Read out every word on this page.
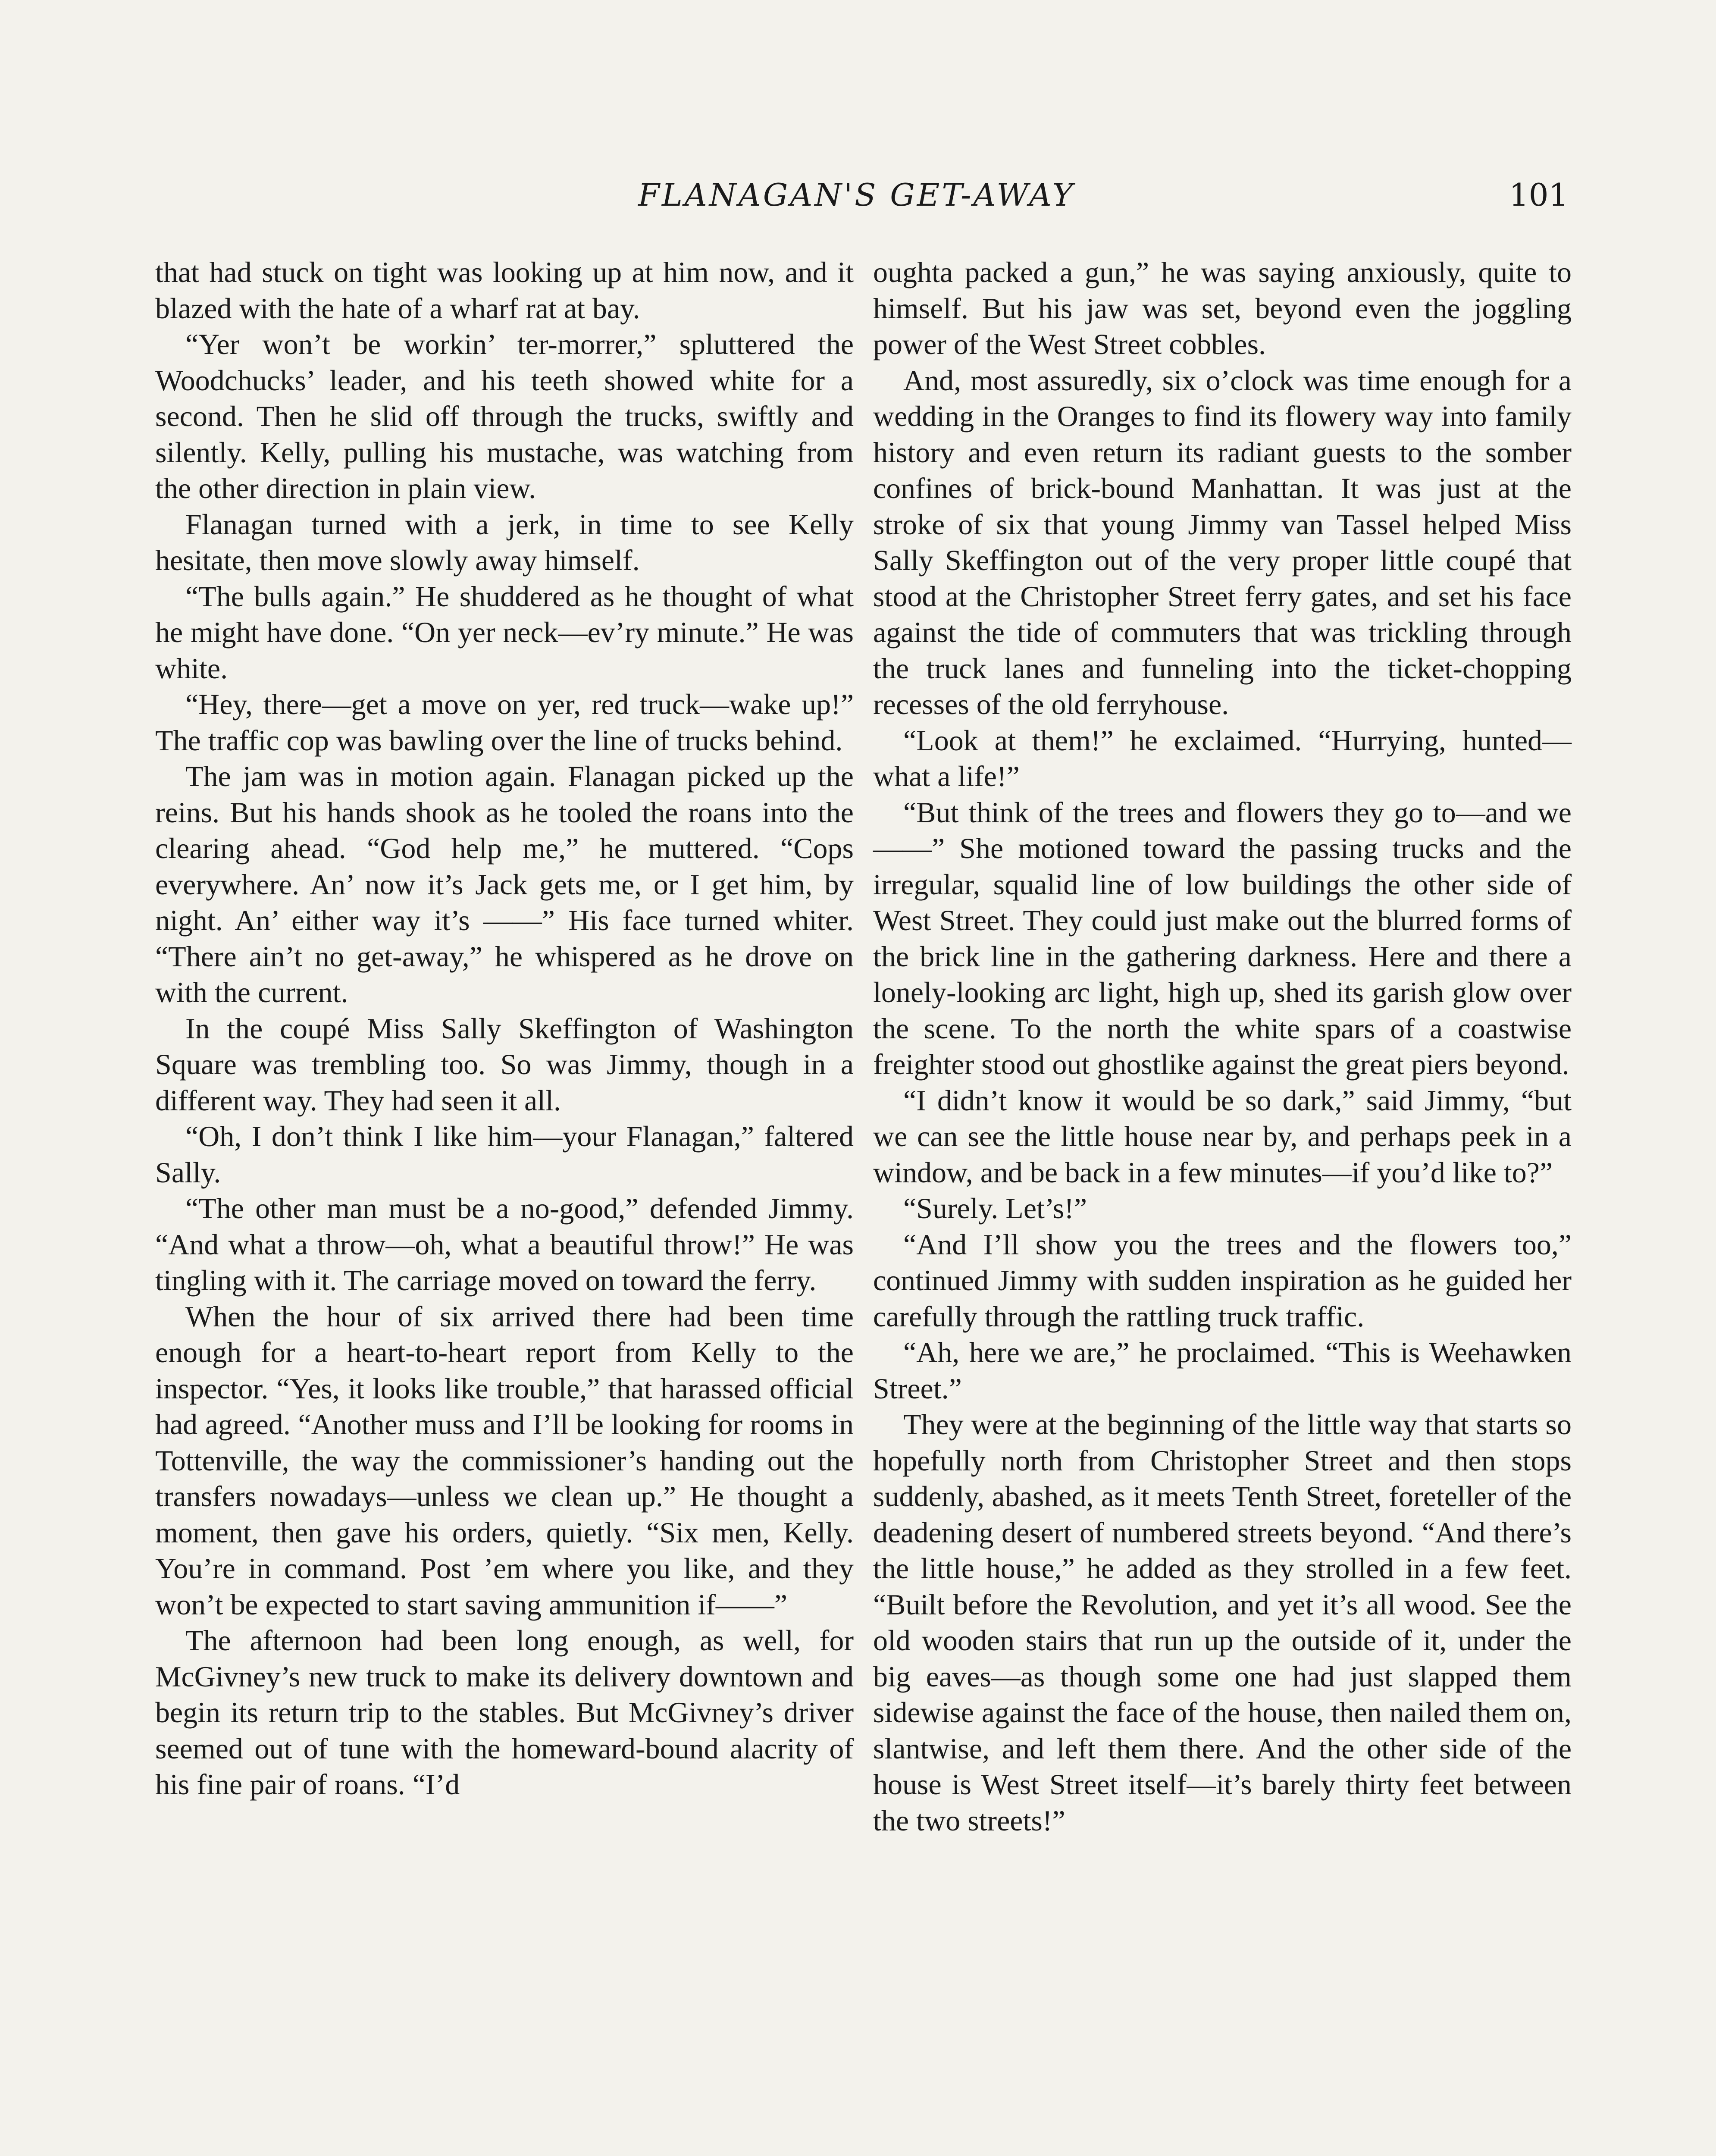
FLANAGAN'S GET-AWAY	101

that had stuck on tight was looking up at him now, and it blazed with the hate of a wharf rat at bay.

“Yer won’t be workin’ ter-morrer,” spluttered the Woodchucks’ leader, and his teeth showed white for a second. Then he slid off through the trucks, swiftly and silently. Kelly, pulling his mustache, was watching from the other direction in plain view.

Flanagan turned with a jerk, in time to see Kelly hesitate, then move slowly away himself.

“The bulls again.” He shuddered as he thought of what he might have done. “On yer neck—ev’ry minute.” He was white.

“Hey, there—get a move on yer, red truck—wake up!” The traffic cop was bawling over the line of trucks behind.

The jam was in motion again. Flanagan picked up the reins. But his hands shook as he tooled the roans into the clearing ahead. “God help me,” he muttered. “Cops everywhere. An’ now it’s Jack gets me, or I get him, by night. An’ either way it’s ——” His face turned whiter. “There ain’t no get-away,” he whispered as he drove on with the current.

In the coupé Miss Sally Skeffington of Washington Square was trembling too. So was Jimmy, though in a different way. They had seen it all.

“Oh, I don’t think I like him—your Flanagan,” faltered Sally.

“The other man must be a no-good,” defended Jimmy. “And what a throw—oh, what a beautiful throw!” He was tingling with it. The carriage moved on toward the ferry.

When the hour of six arrived there had been time enough for a heart-to-heart report from Kelly to the inspector. “Yes, it looks like trouble,” that harassed official had agreed. “Another muss and I’ll be looking for rooms in Tottenville, the way the commissioner’s handing out the transfers nowadays—unless we clean up.” He thought a moment, then gave his orders, quietly. “Six men, Kelly. You’re in command. Post ’em where you like, and they won’t be expected to start saving ammunition if——”

The afternoon had been long enough, as well, for McGivney’s new truck to make its delivery downtown and begin its return trip to the stables. But McGivney’s driver seemed out of tune with the homeward-bound alacrity of his fine pair of roans. “I’d

oughta packed a gun,” he was saying anxiously, quite to himself. But his jaw was set, beyond even the joggling power of the West Street cobbles.

And, most assuredly, six o’clock was time enough for a wedding in the Oranges to find its flowery way into family history and even return its radiant guests to the somber confines of brick-bound Manhattan. It was just at the stroke of six that young Jimmy van Tassel helped Miss Sally Skeffington out of the very proper little coupé that stood at the Christopher Street ferry gates, and set his face against the tide of commuters that was trickling through the truck lanes and funneling into the ticket-chopping recesses of the old ferryhouse.

“Look at them!” he exclaimed. “Hurrying, hunted—what a life!”

“But think of the trees and flowers they go to—and we——” She motioned toward the passing trucks and the irregular, squalid line of low buildings the other side of West Street. They could just make out the blurred forms of the brick line in the gathering darkness. Here and there a lonely-looking arc light, high up, shed its garish glow over the scene. To the north the white spars of a coastwise freighter stood out ghostlike against the great piers beyond.

“I didn’t know it would be so dark,” said Jimmy, “but we can see the little house near by, and perhaps peek in a window, and be back in a few minutes—if you’d like to?”

“Surely. Let’s!”

“And I’ll show you the trees and the flowers too,” continued Jimmy with sudden inspiration as he guided her carefully through the rattling truck traffic.

“Ah, here we are,” he proclaimed. “This is Weehawken Street.”

They were at the beginning of the little way that starts so hopefully north from Christopher Street and then stops suddenly, abashed, as it meets Tenth Street, foreteller of the deadening desert of numbered streets beyond. “And there’s the little house,” he added as they strolled in a few feet. “Built before the Revolution, and yet it’s all wood. See the old wooden stairs that run up the outside of it, under the big eaves—as though some one had just slapped them sidewise against the face of the house, then nailed them on, slantwise, and left them there. And the other side of the house is West Street itself—it’s barely thirty feet between the two streets!”
